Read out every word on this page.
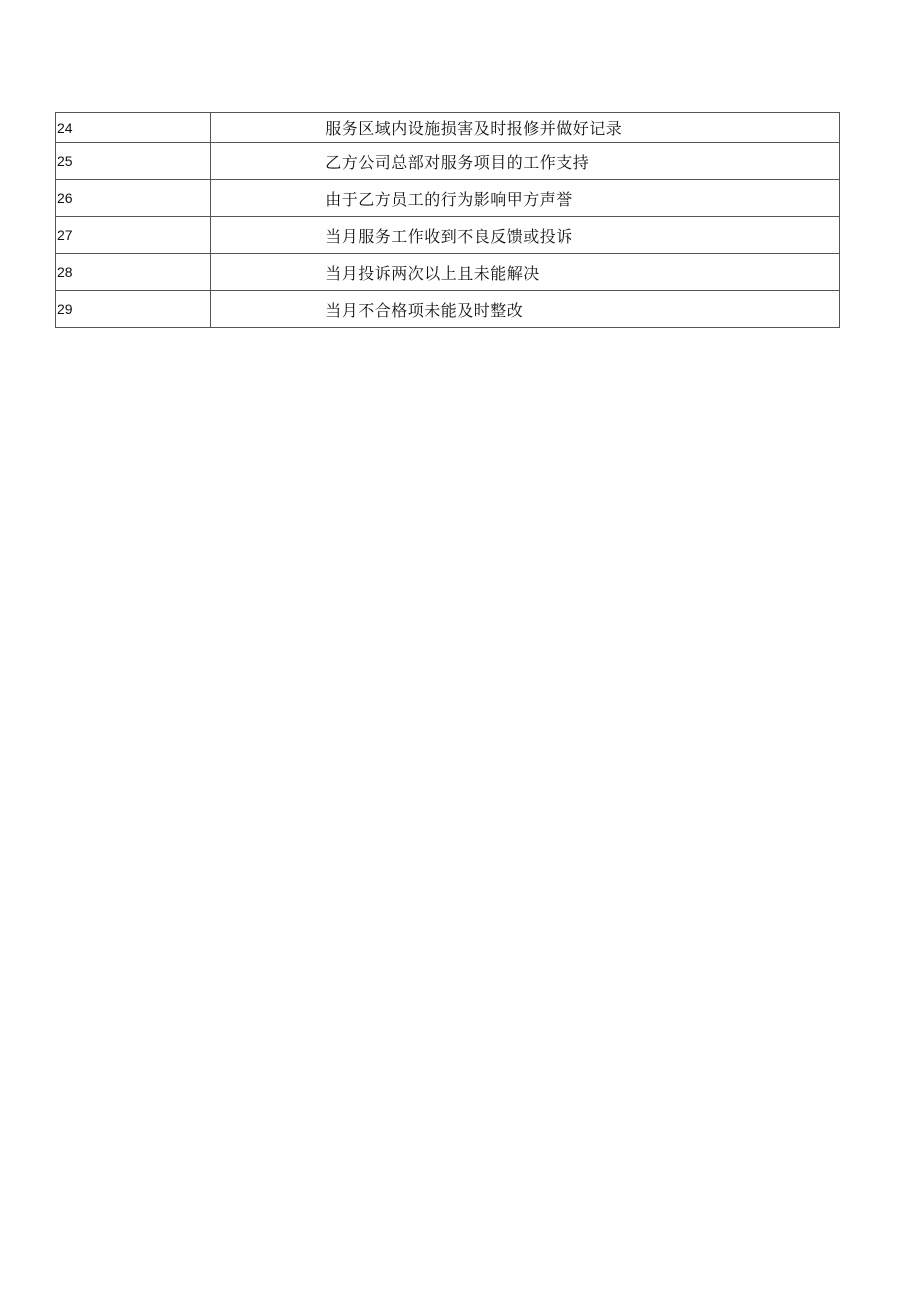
24	服务区域内设施损害及时报修并做好记录
25	乙方公司总部对服务项目的工作支持
26	由于乙方员工的行为影响甲方声誉
27	当月服务工作收到不良反馈或投诉
28	当月投诉两次以上且未能解决
29	当月不合格项未能及时整改
